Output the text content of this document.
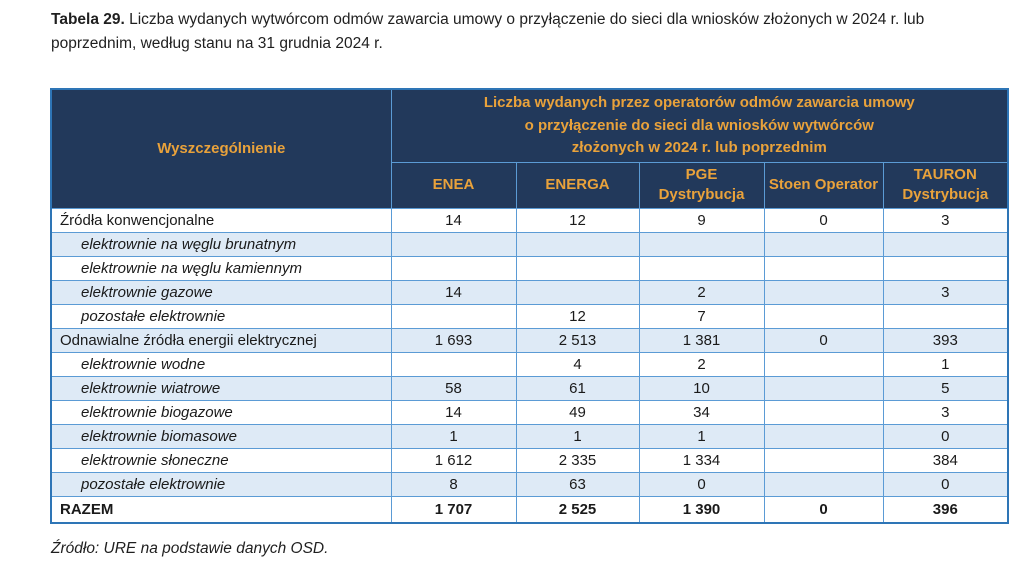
Tabela 29. Liczba wydanych wytwórcom odmów zawarcia umowy o przyłączenie do sieci dla wniosków złożonych w 2024 r. lub poprzednim, według stanu na 31 grudnia 2024 r.

Wyszczególnienie	Liczba wydanych przez operatorów odmów zawarcia umowy
o przyłączenie do sieci dla wniosków wytwórców
złożonych w 2024 r. lub poprzednim				

	ENEA	ENERGA	PGE Dystrybucja	Stoen Operator	TAURON Dystrybucja
Źródła konwencjonalne	14	12	9	0	3
elektrownie na węglu brunatnym					
elektrownie na węglu kamiennym					
elektrownie gazowe	14		2		3
pozostałe elektrownie		12	7		
Odnawialne źródła energii elektrycznej	1 693	2 513	1 381	0	393
elektrownie wodne		4	2		1
elektrownie wiatrowe	58	61	10		5
elektrownie biogazowe	14	49	34		3
elektrownie biomasowe	1	1	1		0
elektrownie słoneczne	1 612	2 335	1 334		384
pozostałe elektrownie	8	63	0		0
RAZEM	1 707	2 525	1 390	0	396

Źródło: URE na podstawie danych OSD.
